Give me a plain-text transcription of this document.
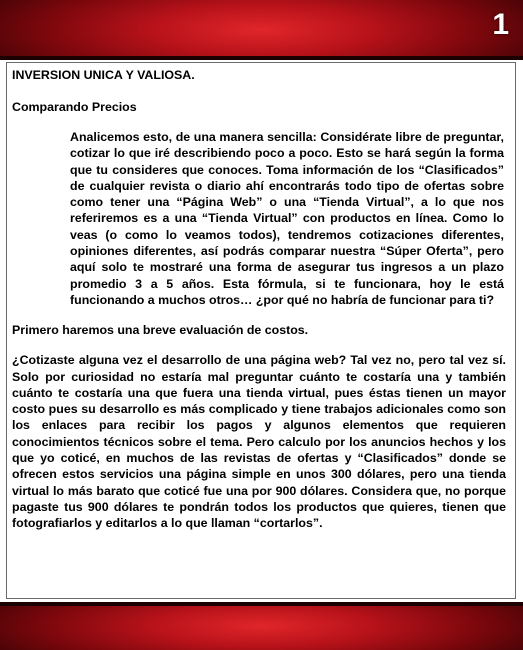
1

INVERSION UNICA Y VALIOSA.

Comparando Precios

Analicemos esto, de una manera sencilla: Considérate libre de preguntar, cotizar lo que iré describiendo poco a poco. Esto se hará según la forma que tu consideres que conoces. Toma información de los “Clasificados” de cualquier revista o diario ahí encontrarás todo tipo de ofertas sobre como tener una “Página Web” o una “Tienda Virtual”, a lo que nos referiremos es a una “Tienda Virtual” con productos en línea. Como lo veas (o como lo veamos todos), tendremos cotizaciones diferentes, opiniones diferentes, así podrás comparar nuestra “Súper Oferta”, pero aquí solo te mostraré una forma de asegurar tus ingresos a un plazo promedio 3 a 5 años. Esta fórmula, si te funcionara, hoy le está funcionando a muchos otros… ¿por qué no habría de funcionar para ti?

Primero haremos una breve evaluación de costos.

¿Cotizaste alguna vez el desarrollo de una página web? Tal vez no, pero tal vez sí. Solo por curiosidad no estaría mal preguntar cuánto te costaría una y también cuánto te costaría una que fuera una tienda virtual, pues éstas tienen un mayor costo pues su desarrollo es más complicado y tiene trabajos adicionales como son los enlaces para recibir los pagos y algunos elementos que requieren conocimientos técnicos sobre el tema. Pero calculo por los anuncios hechos y los que yo coticé, en muchos de las revistas de ofertas y “Clasificados” donde se ofrecen estos servicios una página simple en unos 300 dólares, pero una tienda virtual lo más barato que coticé fue una por 900 dólares. Considera que, no porque pagaste tus 900 dólares te pondrán todos los productos que quieres, tienen que fotografiarlos y editarlos a lo que llaman “cortarlos”.
